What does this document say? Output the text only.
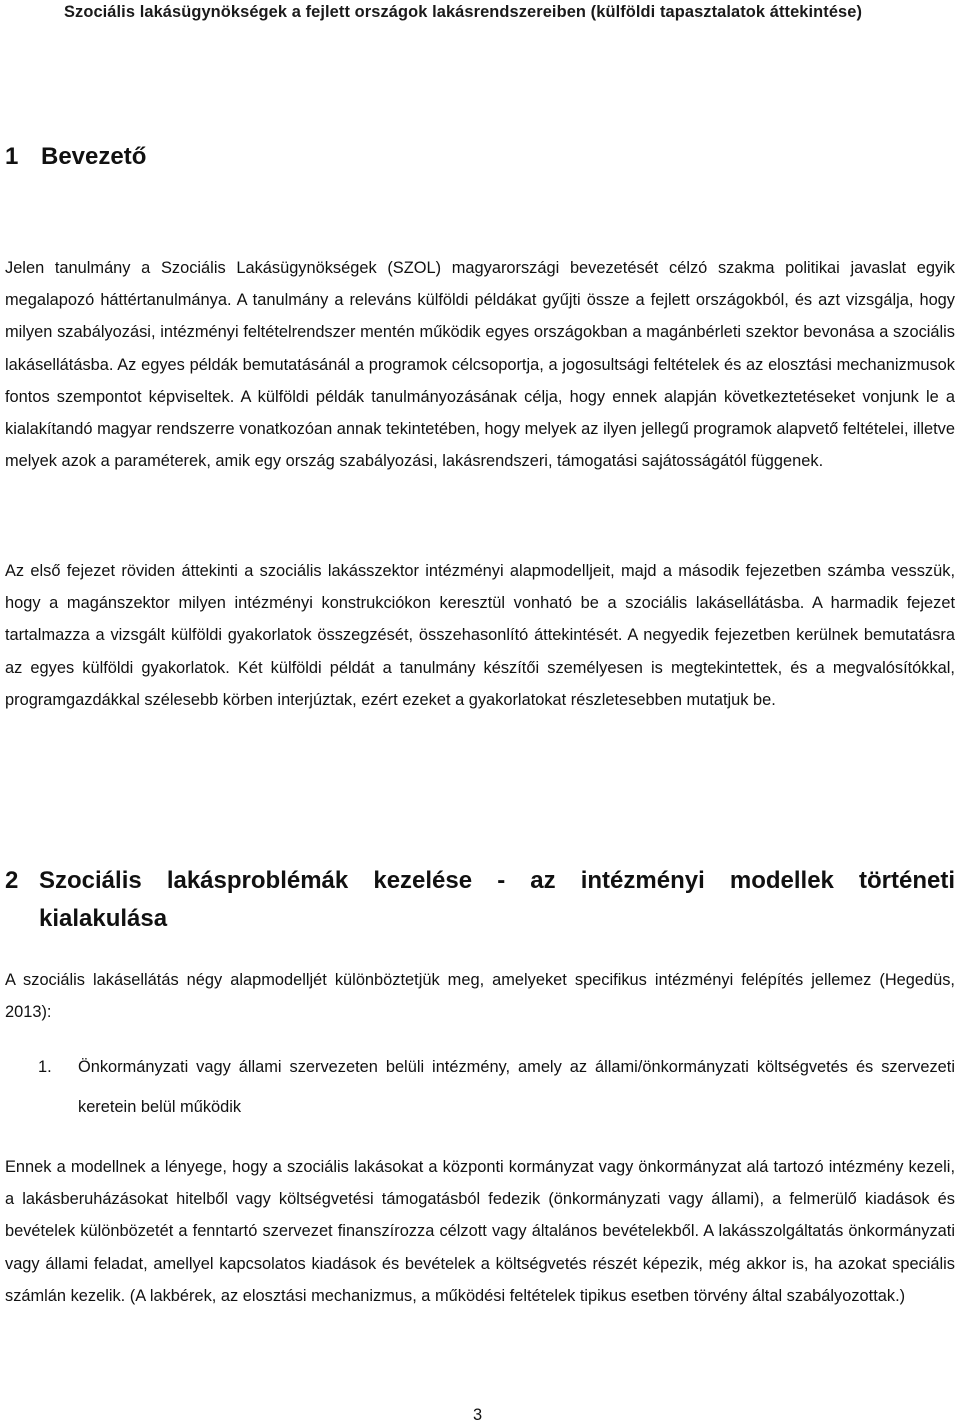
Szociális lakásügynökségek a fejlett országok lakásrendszereiben (külföldi tapasztalatok áttekintése)
1 Bevezető

Jelen tanulmány a Szociális Lakásügynökségek (SZOL) magyarországi bevezetését célzó szakma politikai javaslat egyik megalapozó háttértanulmánya. A tanulmány a releváns külföldi példákat gyűjti össze a fejlett országokból, és azt vizsgálja, hogy milyen szabályozási, intézményi feltételrendszer mentén működik egyes országokban a magánbérleti szektor bevonása a szociális lakásellátásba. Az egyes példák bemutatásánál a programok célcsoportja, a jogosultsági feltételek és az elosztási mechanizmusok fontos szempontot képviseltek. A külföldi példák tanulmányozásának célja, hogy ennek alapján következtetéseket vonjunk le a kialakítandó magyar rendszerre vonatkozóan annak tekintetében, hogy melyek az ilyen jellegű programok alapvető feltételei, illetve melyek azok a paraméterek, amik egy ország szabályozási, lakásrendszeri, támogatási sajátosságától függenek.

Az első fejezet röviden áttekinti a szociális lakásszektor intézményi alapmodelljeit, majd a második fejezetben számba vesszük, hogy a magánszektor milyen intézményi konstrukciókon keresztül vonható be a szociális lakásellátásba. A harmadik fejezet tartalmazza a vizsgált külföldi gyakorlatok összegzését, összehasonlító áttekintését. A negyedik fejezetben kerülnek bemutatásra az egyes külföldi gyakorlatok. Két külföldi példát a tanulmány készítői személyesen is megtekintettek, és a megvalósítókkal, programgazdákkal szélesebb körben interjúztak, ezért ezeket a gyakorlatokat részletesebben mutatjuk be.

2 Szociális lakásproblémák kezelése - az intézményi modellek történeti kialakulása

A szociális lakásellátás négy alapmodelljét különböztetjük meg, amelyeket specifikus intézményi felépítés jellemez (Hegedüs, 2013):

1.	Önkormányzati vagy állami szervezeten belüli intézmény, amely az állami/önkormányzati költségvetés és szervezeti keretein belül működik

Ennek a modellnek a lényege, hogy a szociális lakásokat a központi kormányzat vagy önkormányzat alá tartozó intézmény kezeli, a lakásberuházásokat hitelből vagy költségvetési támogatásból fedezik (önkormányzati vagy állami), a felmerülő kiadások és bevételek különbözetét a fenntartó szervezet finanszírozza célzott vagy általános bevételekből. A lakásszolgáltatás önkormányzati vagy állami feladat, amellyel kapcsolatos kiadások és bevételek a költségvetés részét képezik, még akkor is, ha azokat speciális számlán kezelik. (A lakbérek, az elosztási mechanizmus, a működési feltételek tipikus esetben törvény által szabályozottak.)

3
